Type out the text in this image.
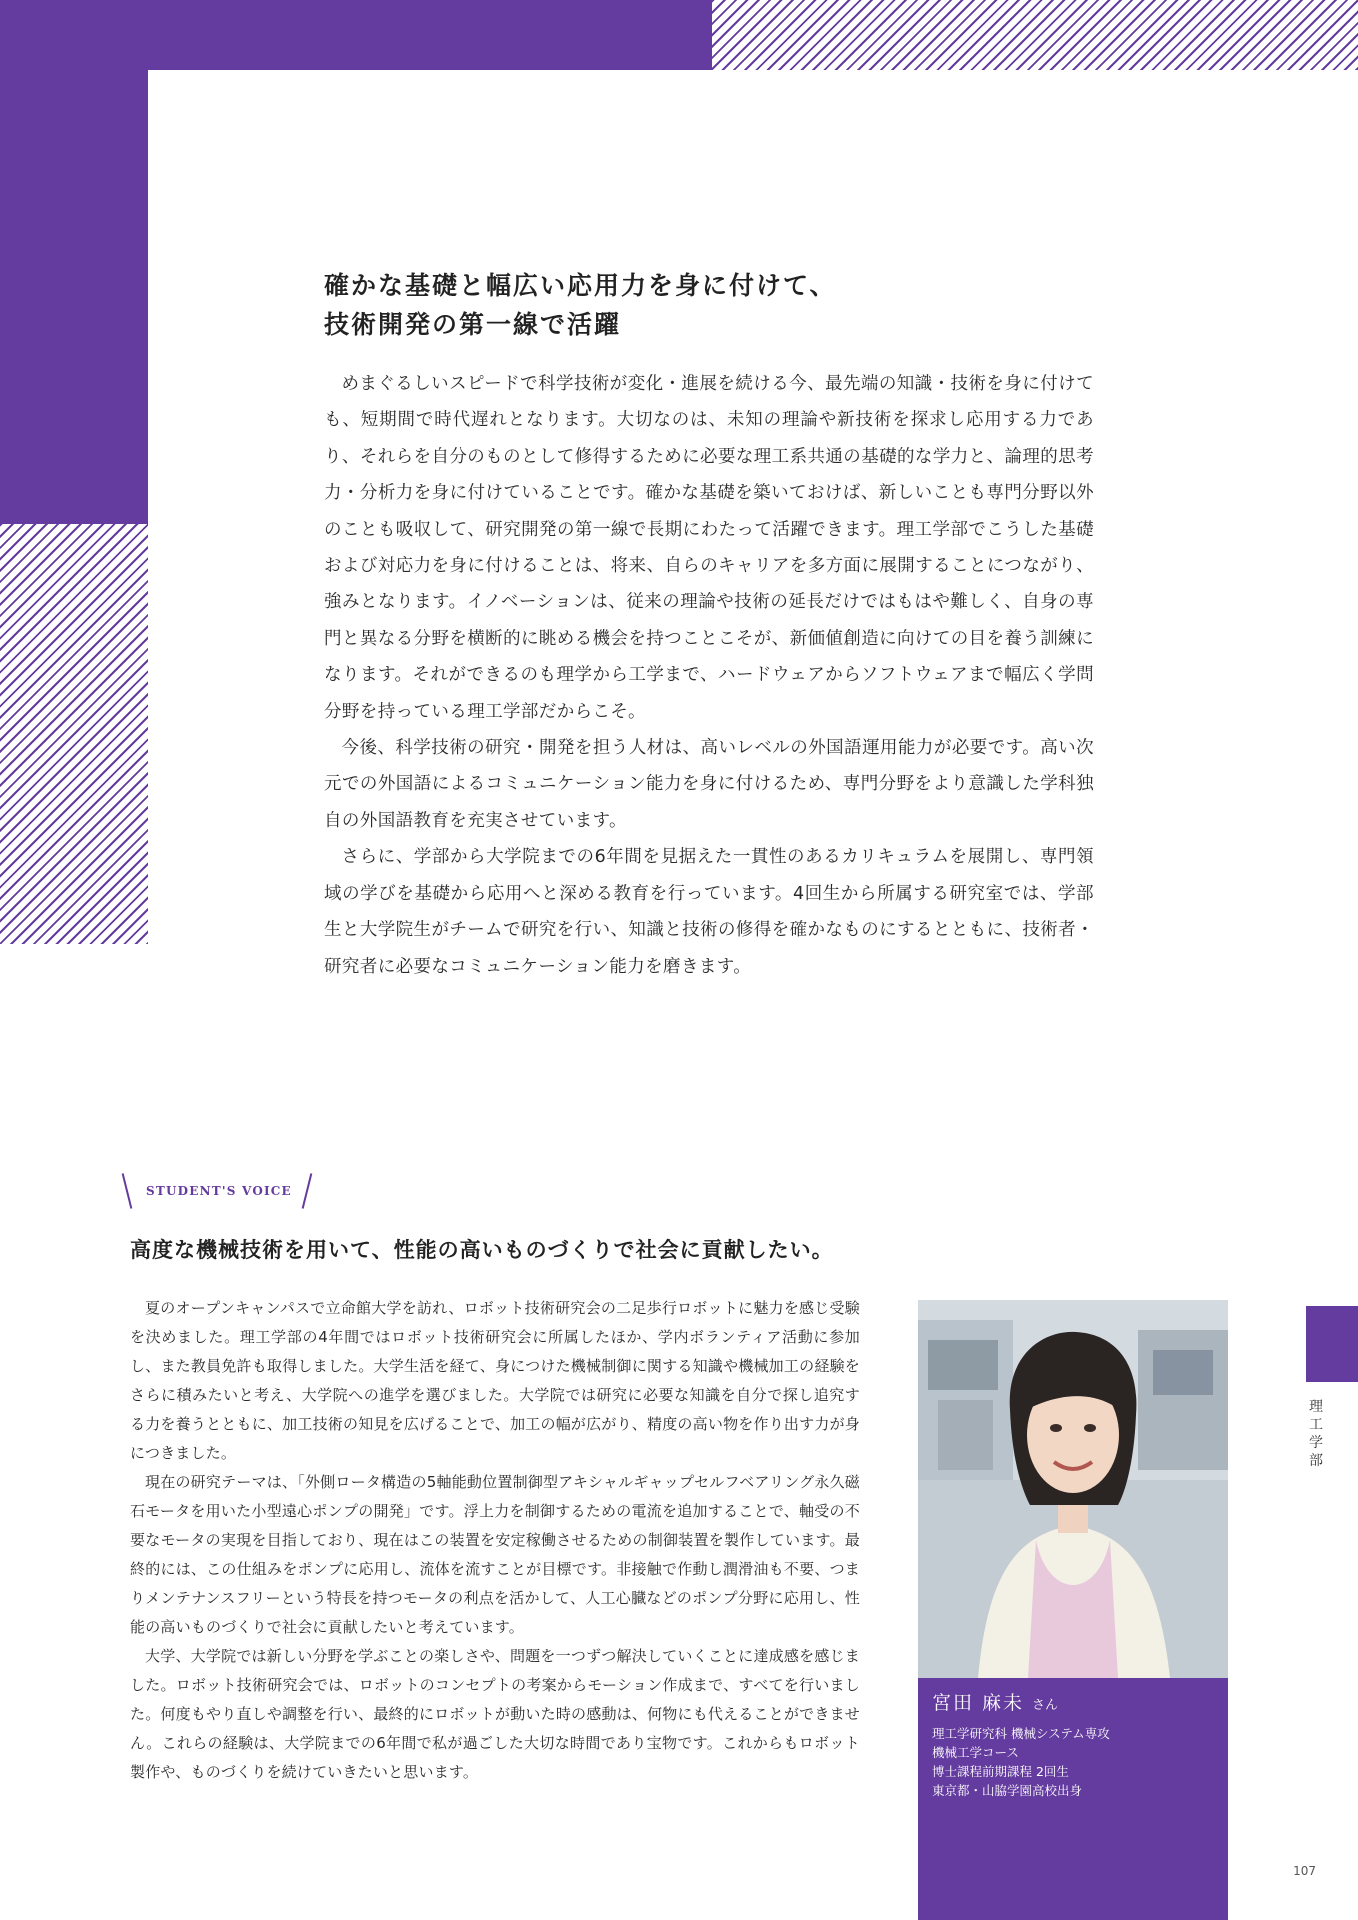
確かな基礎と幅広い応用力を身に付けて、
技術開発の第一線で活躍

めまぐるしいスピードで科学技術が変化・進展を続ける今、最先端の知識・技術を身に付けても、短期間で時代遅れとなります。大切なのは、未知の理論や新技術を探求し応用する力であり、それらを自分のものとして修得するために必要な理工系共通の基礎的な学力と、論理的思考力・分析力を身に付けていることです。確かな基礎を築いておけば、新しいことも専門分野以外のことも吸収して、研究開発の第一線で長期にわたって活躍できます。理工学部でこうした基礎および対応力を身に付けることは、将来、自らのキャリアを多方面に展開することにつながり、強みとなります。イノベーションは、従来の理論や技術の延長だけではもはや難しく、自身の専門と異なる分野を横断的に眺める機会を持つことこそが、新価値創造に向けての目を養う訓練になります。それができるのも理学から工学まで、ハードウェアからソフトウェアまで幅広く学問分野を持っている理工学部だからこそ。

今後、科学技術の研究・開発を担う人材は、高いレベルの外国語運用能力が必要です。高い次元での外国語によるコミュニケーション能力を身に付けるため、専門分野をより意識した学科独自の外国語教育を充実させています。

さらに、学部から大学院までの6年間を見据えた一貫性のあるカリキュラムを展開し、専門領域の学びを基礎から応用へと深める教育を行っています。4回生から所属する研究室では、学部生と大学院生がチームで研究を行い、知識と技術の修得を確かなものにするとともに、技術者・研究者に必要なコミュニケーション能力を磨きます。

STUDENT'S VOICE
高度な機械技術を用いて、性能の高いものづくりで社会に貢献したい。

夏のオープンキャンパスで立命館大学を訪れ、ロボット技術研究会の二足歩行ロボットに魅力を感じ受験を決めました。理工学部の4年間ではロボット技術研究会に所属したほか、学内ボランティア活動に参加し、また教員免許も取得しました。大学生活を経て、身につけた機械制御に関する知識や機械加工の経験をさらに積みたいと考え、大学院への進学を選びました。大学院では研究に必要な知識を自分で探し追究する力を養うとともに、加工技術の知見を広げることで、加工の幅が広がり、精度の高い物を作り出す力が身につきました。

現在の研究テーマは、「外側ロータ構造の5軸能動位置制御型アキシャルギャップセルフベアリング永久磁石モータを用いた小型遠心ポンプの開発」です。浮上力を制御するための電流を追加することで、軸受の不要なモータの実現を目指しており、現在はこの装置を安定稼働させるための制御装置を製作しています。最終的には、この仕組みをポンプに応用し、流体を流すことが目標です。非接触で作動し潤滑油も不要、つまりメンテナンスフリーという特長を持つモータの利点を活かして、人工心臓などのポンプ分野に応用し、性能の高いものづくりで社会に貢献したいと考えています。

大学、大学院では新しい分野を学ぶことの楽しさや、問題を一つずつ解決していくことに達成感を感じました。ロボット技術研究会では、ロボットのコンセプトの考案からモーション作成まで、すべてを行いました。何度もやり直しや調整を行い、最終的にロボットが動いた時の感動は、何物にも代えることができません。これらの経験は、大学院までの6年間で私が過ごした大切な時間であり宝物です。これからもロボット製作や、ものづくりを続けていきたいと思います。

宮田 麻未 さん
理工学研究科 機械システム専攻
機械工学コース
博士課程前期課程 2回生
東京都・山脇学園高校出身
理
工
学
部
107
